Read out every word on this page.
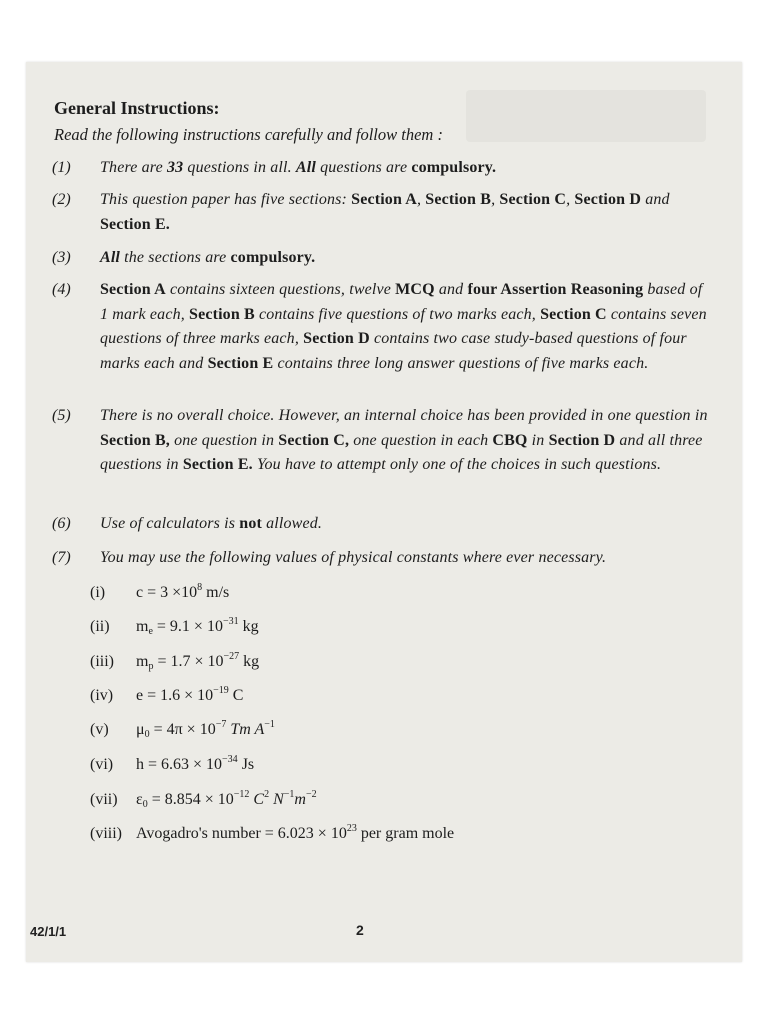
General Instructions:
Read the following instructions carefully and follow them :
(1)	There are 33 questions in all. All questions are compulsory.
(2)	This question paper has five sections: Section A, Section B, Section C, Section D and Section E.
(3)	All the sections are compulsory.
(4)	Section A contains sixteen questions, twelve MCQ and four Assertion Reasoning based of 1 mark each, Section B contains five questions of two marks each, Section C contains seven questions of three marks each, Section D contains two case study-based questions of four marks each and Section E contains three long answer questions of five marks each.
(5)	There is no overall choice. However, an internal choice has been provided in one question in Section B, one question in Section C, one question in each CBQ in Section D and all three questions in Section E. You have to attempt only one of the choices in such questions.
(6)	Use of calculators is not allowed.
(7)	You may use the following values of physical constants where ever necessary.
(i) $c = 3 \times 10^8$ m/s
(ii) $m_e = 9.1 \times 10^{-31}$ kg
(iii) $m_p = 1.7 \times 10^{-27}$ kg
(iv) $e = 1.6 \times 10^{-19}$ C
(v) $\mu_0 = 4\pi \times 10^{-7}$ Tm $A^{-1}$
(vi) $h = 6.63 \times 10^{-34}$ Js
(vii) $\varepsilon_0 = 8.854 \times 10^{-12}$ $C^2$ $N^{-1}m^{-2}$
(viii) Avogadro's number = $6.023 \times 10^{23}$ per gram mole
42/1/1	2
